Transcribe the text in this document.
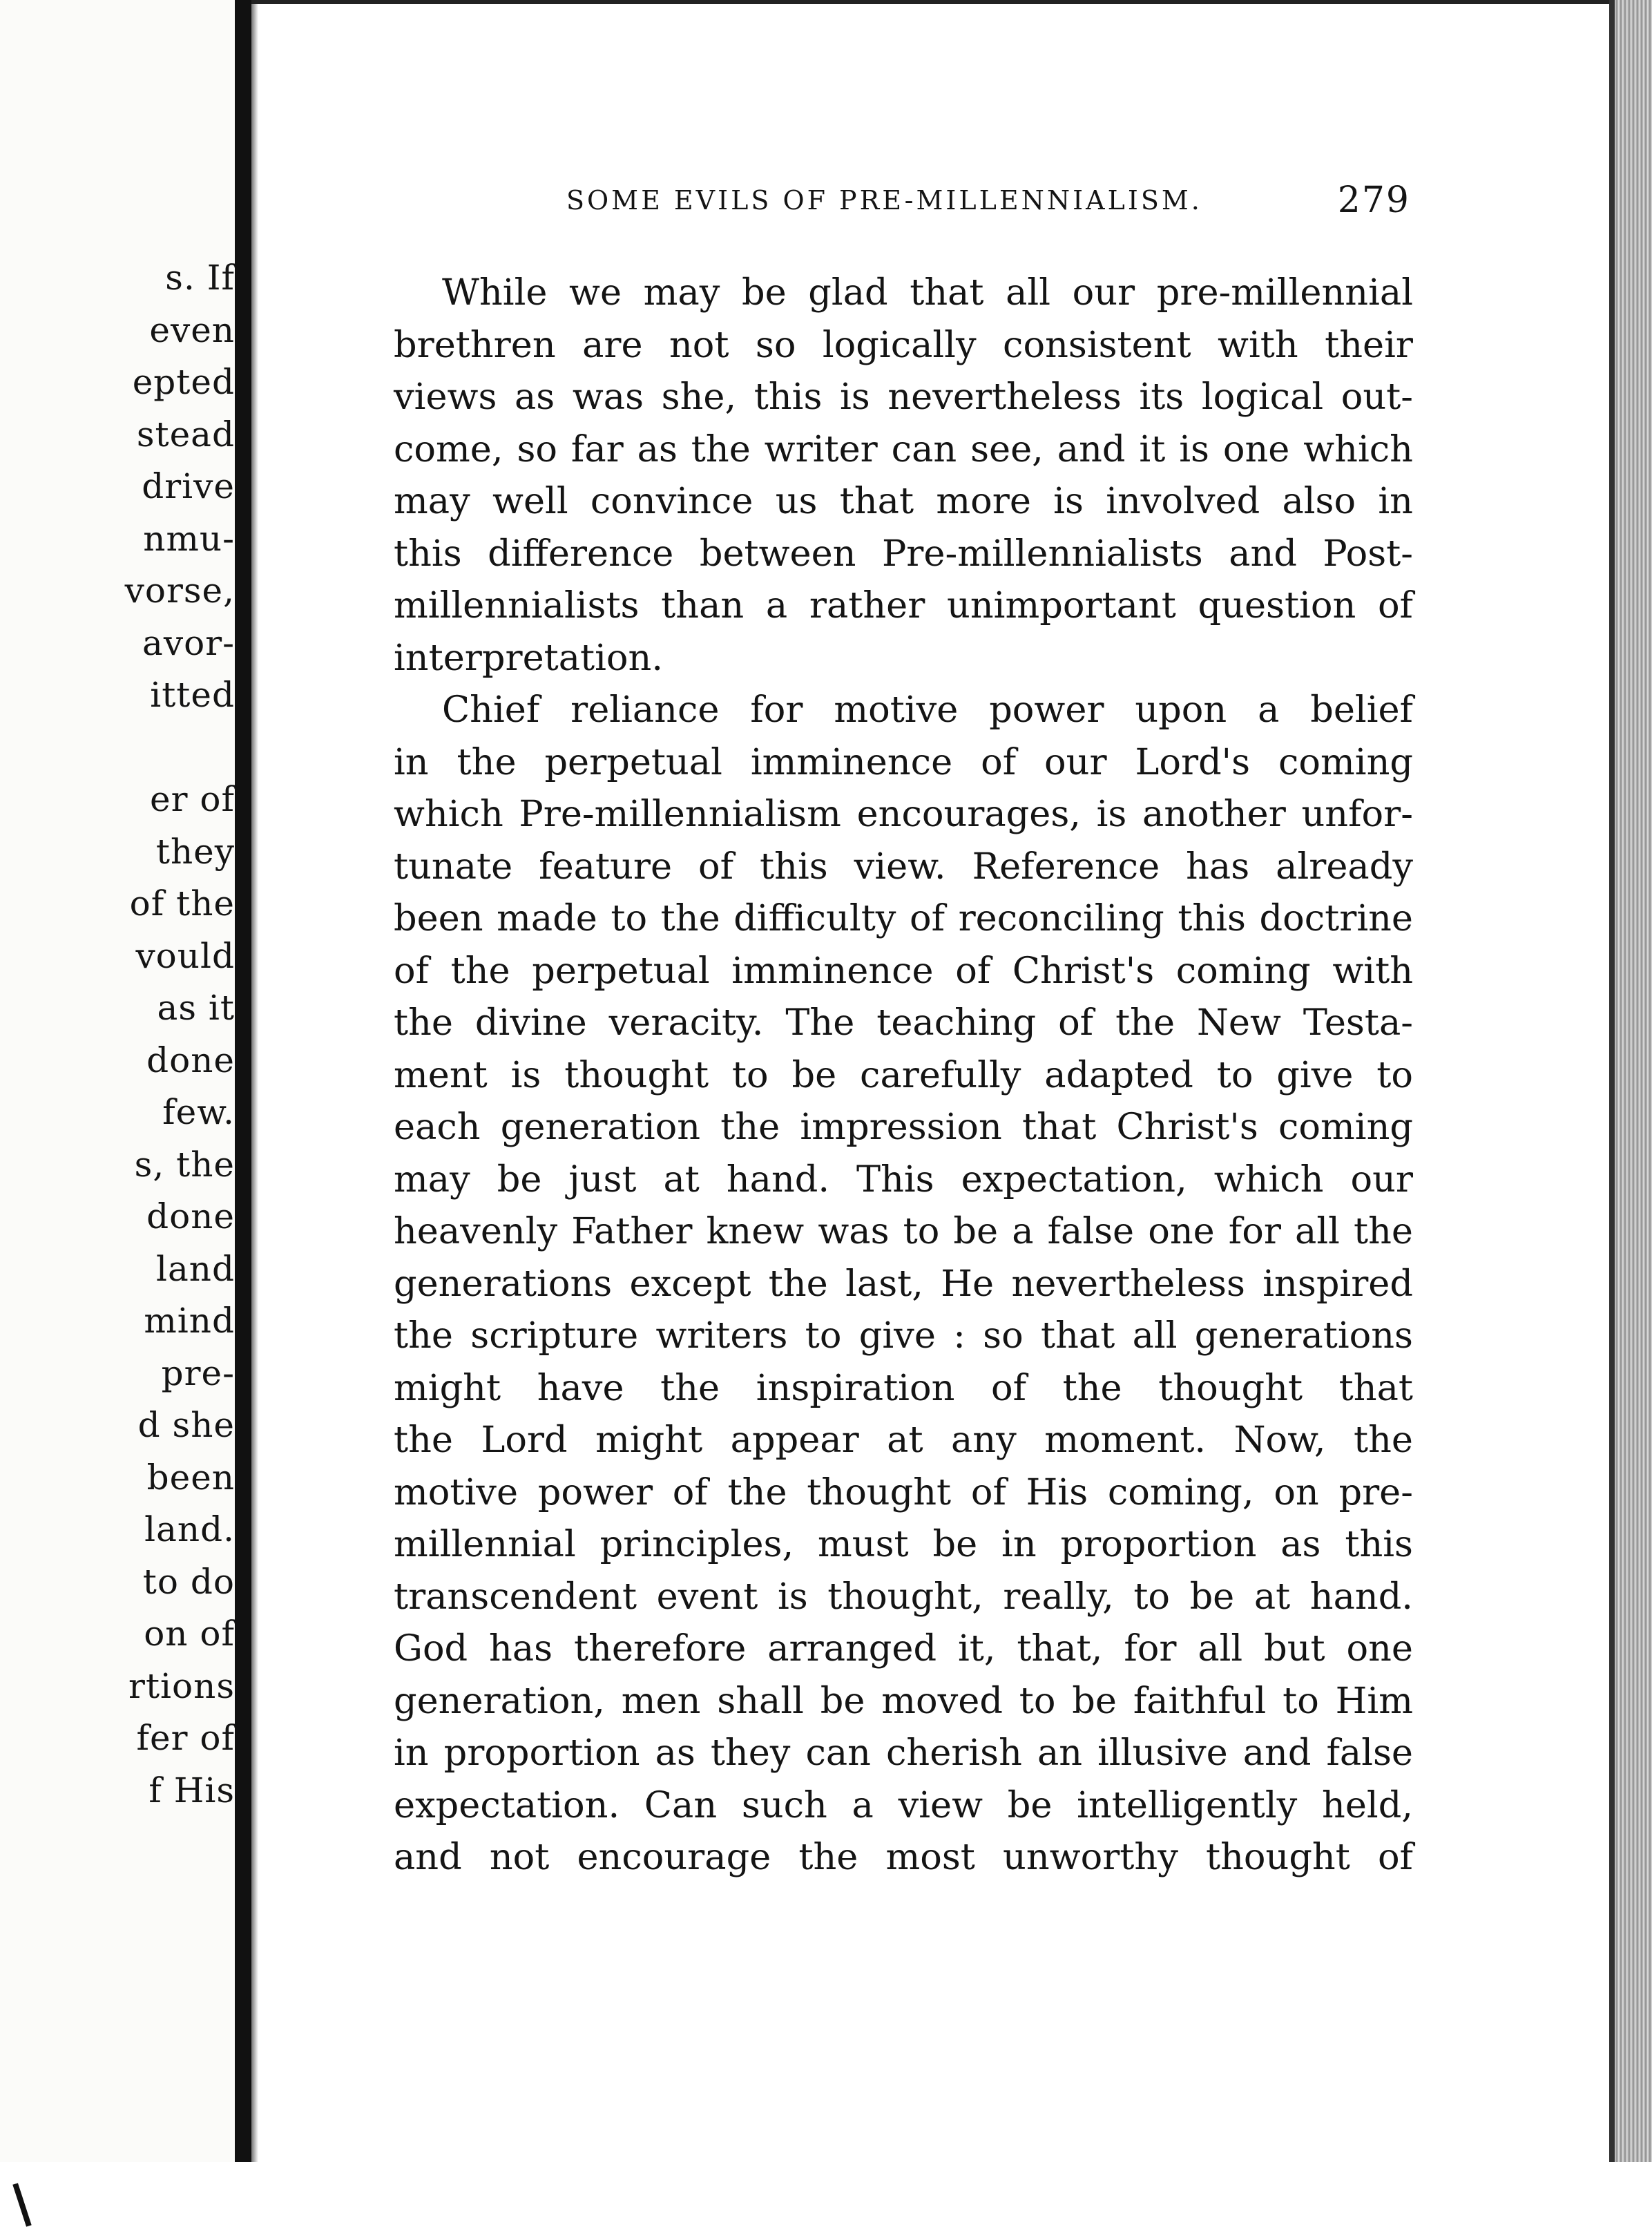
s. If
even
epted
stead
drive
nmu-
vorse,
avor-
itted
er of
they
of the
vould
as it
done
few.
s, the
done
land
mind
pre-
d she
been
land.
to do
on of
rtions
fer of
f His
SOME EVILS OF PRE-MILLENNIALISM.	279
While we may be glad that all our pre-millennial
brethren are not so logically consistent with their
views as was she, this is nevertheless its logical out-
come, so far as the writer can see, and it is one which
may well convince us that more is involved also in
this difference between Pre-millennialists and Post-
millennialists than a rather unimportant question of
interpretation.
Chief reliance for motive power upon a belief
in the perpetual imminence of our Lord's coming
which Pre-millennialism encourages, is another unfor-
tunate feature of this view. Reference has already
been made to the difficulty of reconciling this doctrine
of the perpetual imminence of Christ's coming with
the divine veracity. The teaching of the New Testa-
ment is thought to be carefully adapted to give to
each generation the impression that Christ's coming
may be just at hand. This expectation, which our
heavenly Father knew was to be a false one for all the
generations except the last, He nevertheless inspired
the scripture writers to give : so that all generations
might have the inspiration of the thought that
the Lord might appear at any moment. Now, the
motive power of the thought of His coming, on pre-
millennial principles, must be in proportion as this
transcendent event is thought, really, to be at hand.
God has therefore arranged it, that, for all but one
generation, men shall be moved to be faithful to Him
in proportion as they can cherish an illusive and false
expectation. Can such a view be intelligently held,
and not encourage the most unworthy thought of
